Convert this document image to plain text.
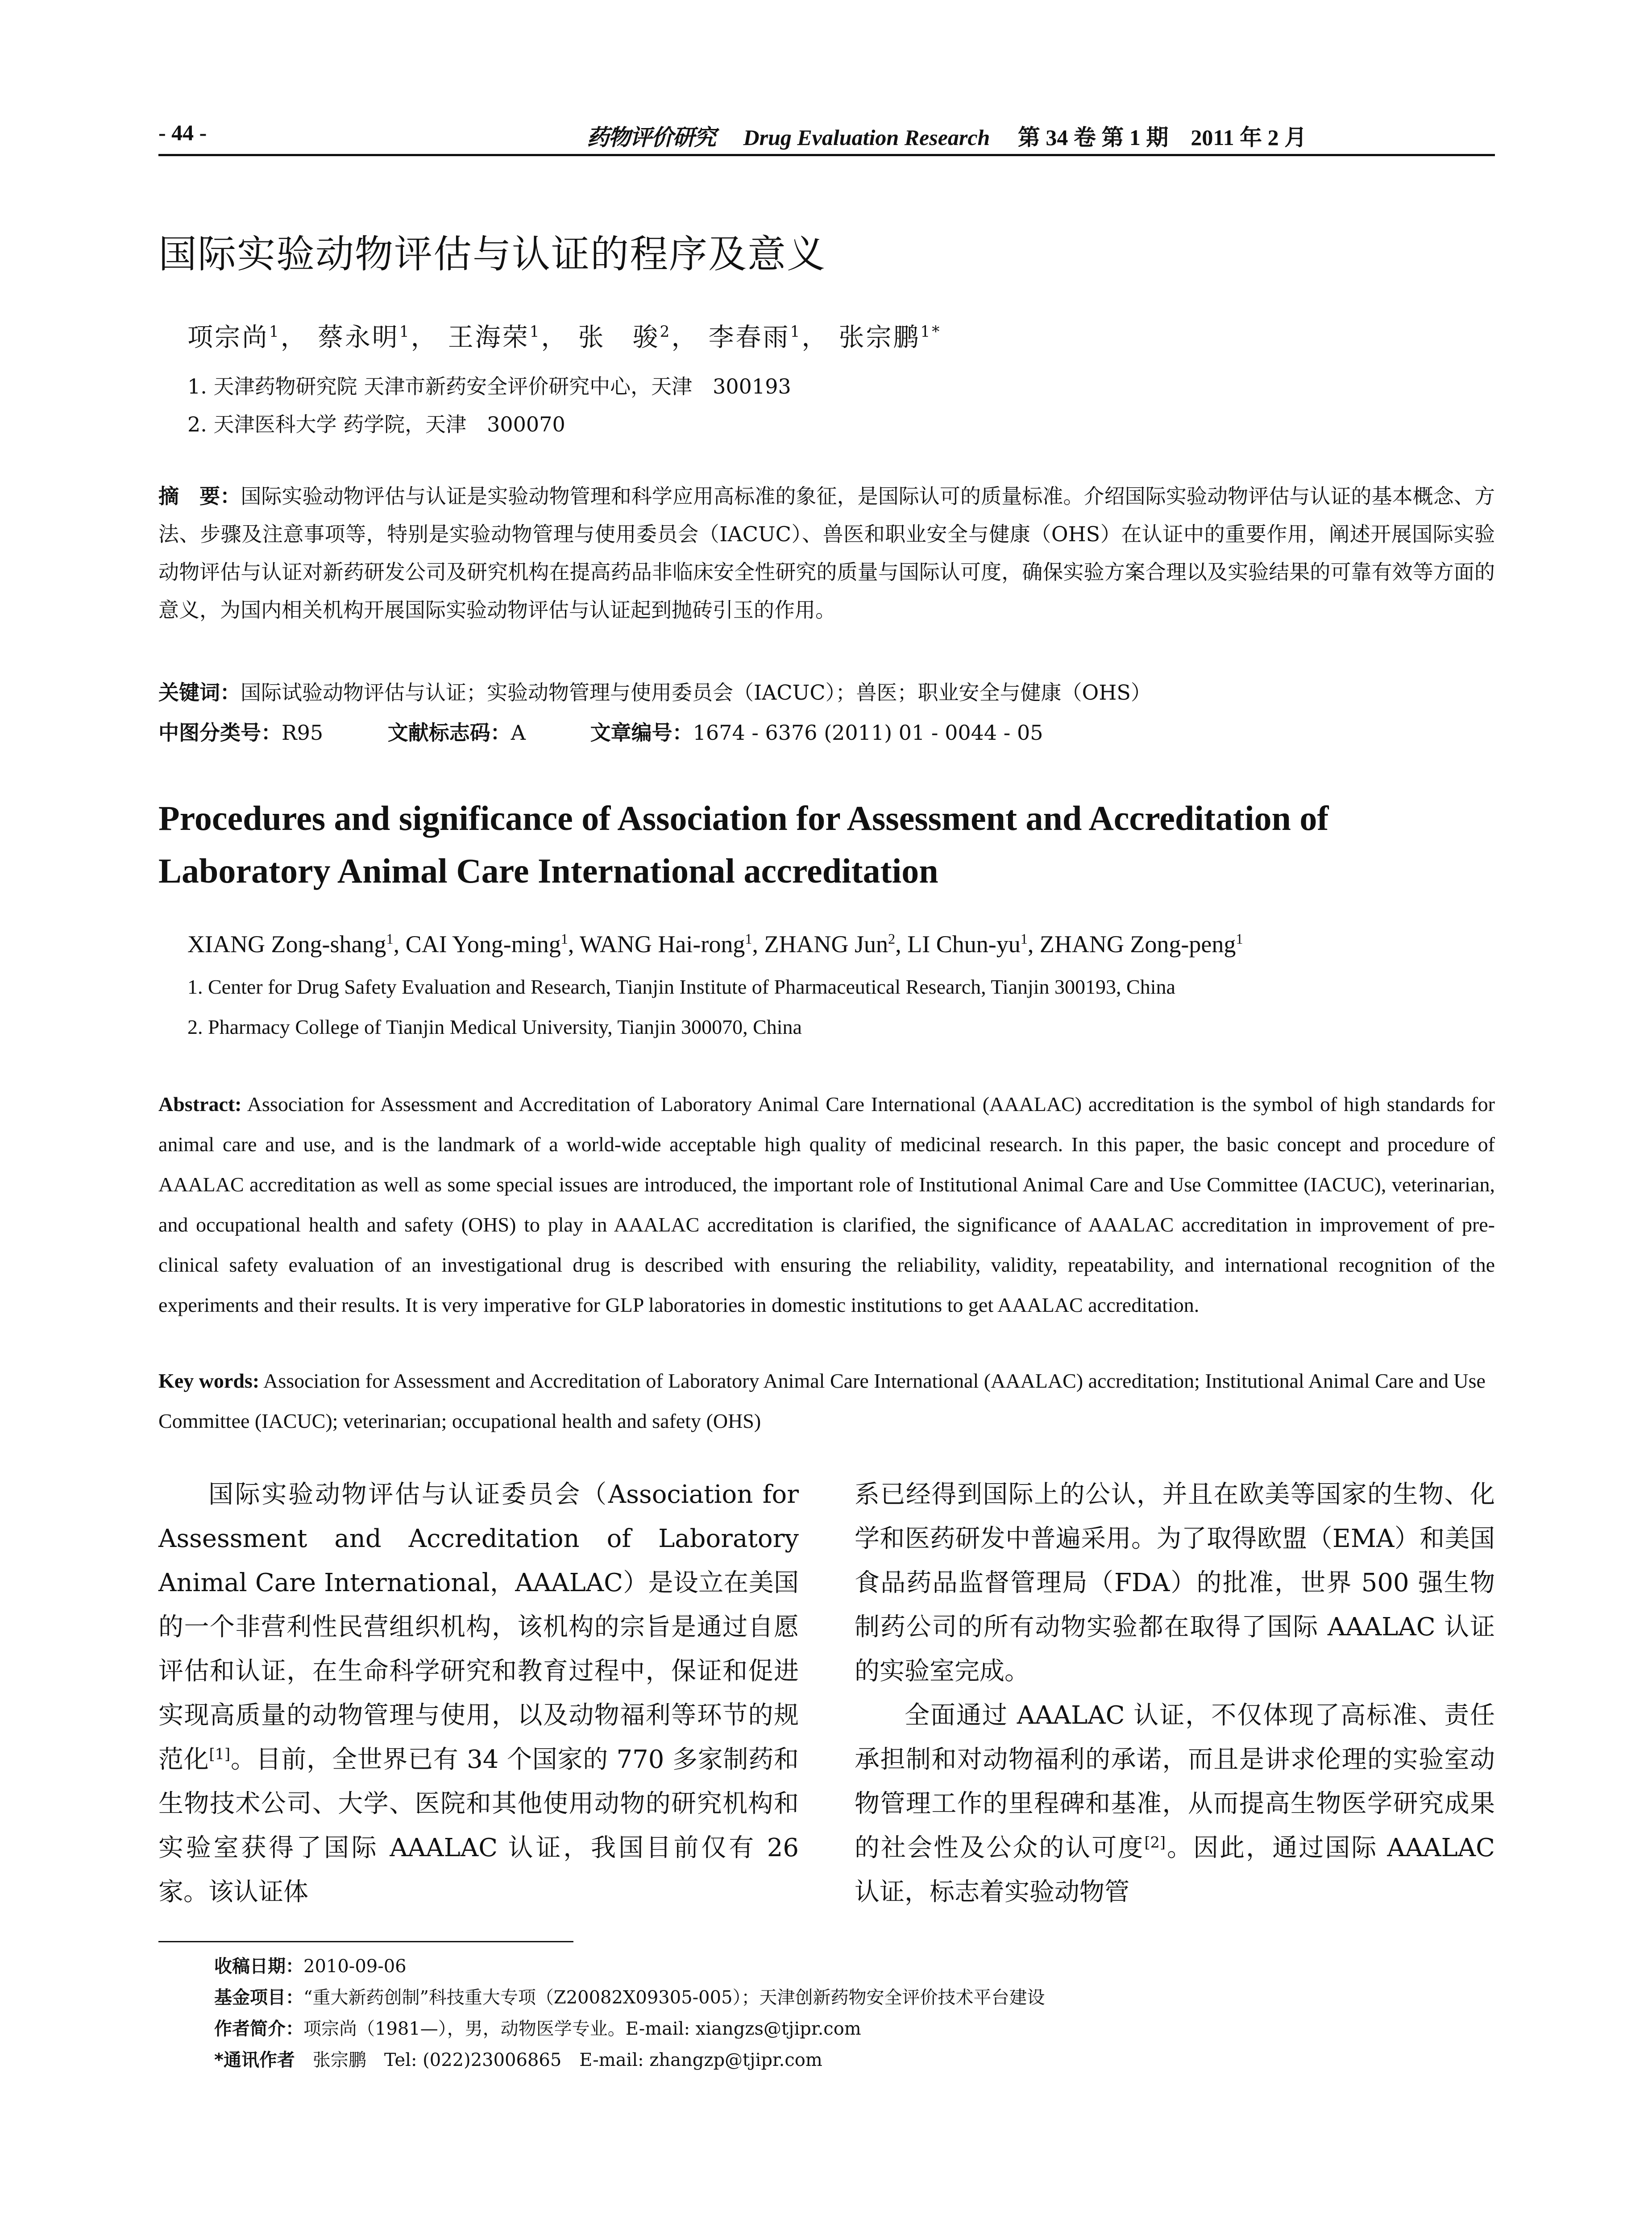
- 44 -	药物评价研究 Drug Evaluation Research 第 34 卷 第 1 期　2011 年 2 月
国际实验动物评估与认证的程序及意义
项宗尚$^1$， 蔡永明$^1$， 王海荣$^1$， 张　骏$^2$， 李春雨$^1$， 张宗鹏$^{1*}$
1. 天津药物研究院 天津市新药安全评价研究中心，天津　300193
2. 天津医科大学 药学院，天津　300070
摘　要：国际实验动物评估与认证是实验动物管理和科学应用高标准的象征，是国际认可的质量标准。介绍国际实验动物评估与认证的基本概念、方法、步骤及注意事项等，特别是实验动物管理与使用委员会（IACUC）、兽医和职业安全与健康（OHS）在认证中的重要作用，阐述开展国际实验动物评估与认证对新药研发公司及研究机构在提高药品非临床安全性研究的质量与国际认可度，确保实验方案合理以及实验结果的可靠有效等方面的意义，为国内相关机构开展国际实验动物评估与认证起到抛砖引玉的作用。
关键词：国际试验动物评估与认证；实验动物管理与使用委员会（IACUC）；兽医；职业安全与健康（OHS）
中图分类号：R95	文献标志码：A	文章编号：1674 - 6376 (2011) 01 - 0044 - 05
Procedures and significance of Association for Assessment and Accreditation of Laboratory Animal Care International accreditation
XIANG Zong-shang$^1$, CAI Yong-ming$^1$, WANG Hai-rong$^1$, ZHANG Jun$^2$, LI Chun-$yu^1$, ZHANG Zong-peng$^1$
1. Center for Drug Safety Evaluation and Research, Tianjin Institute of Pharmaceutical Research, Tianjin 300193, China
2. Pharmacy College of Tianjin Medical University, Tianjin 300070, China
Abstract: Association for Assessment and Accreditation of Laboratory Animal Care International (AAALAC) accreditation is the symbol of high standards for animal care and use, and is the landmark of a world-wide acceptable high quality of medicinal research. In this paper, the basic concept and procedure of AAALAC accreditation as well as some special issues are introduced, the important role of Institutional Animal Care and Use Committee (IACUC), veterinarian, and occupational health and safety (OHS) to play in AAALAC accreditation is clarified, the significance of AAALAC accreditation in improvement of pre-clinical safety evaluation of an investigational drug is described with ensuring the reliability, validity, repeatability, and international recognition of the experiments and their results. It is very imperative for GLP laboratories in domestic institutions to get AAALAC accreditation.
Key words: Association for Assessment and Accreditation of Laboratory Animal Care International (AAALAC) accreditation; Institutional Animal Care and Use Committee (IACUC); veterinarian; occupational health and safety (OHS)

国际实验动物评估与认证委员会（Association for Assessment and Accreditation of Laboratory Animal Care International，AAALAC）是设立在美国的一个非营利性民营组织机构，该机构的宗旨是通过自愿评估和认证，在生命科学研究和教育过程中，保证和促进实现高质量的动物管理与使用，以及动物福利等环节的规范化[1]。目前，全世界已有 34 个国家的 770 多家制药和生物技术公司、大学、医院和其他使用动物的研究机构和实验室获得了国际 AAALAC 认证，我国目前仅有 26 家。该认证体

系已经得到国际上的公认，并且在欧美等国家的生物、化学和医药研发中普遍采用。为了取得欧盟（EMA）和美国食品药品监督管理局（FDA）的批准，世界 500 强生物制药公司的所有动物实验都在取得了国际 AAALAC 认证的实验室完成。

全面通过 AAALAC 认证，不仅体现了高标准、责任承担制和对动物福利的承诺，而且是讲求伦理的实验室动物管理工作的里程碑和基准，从而提高生物医学研究成果的社会性及公众的认可度[2]。因此，通过国际 AAALAC 认证，标志着实验动物管

收稿日期：2010-09-06
基金项目：“重大新药创制”科技重大专项（Z20082X09305-005）；天津创新药物安全评价技术平台建设
作者简介：项宗尚（1981—），男，动物医学专业。E-mail: xiangzs@tjipr.com
*通讯作者　 张宗鹏　Tel: (022)23006865　E-mail: zhangzp@tjipr.com
